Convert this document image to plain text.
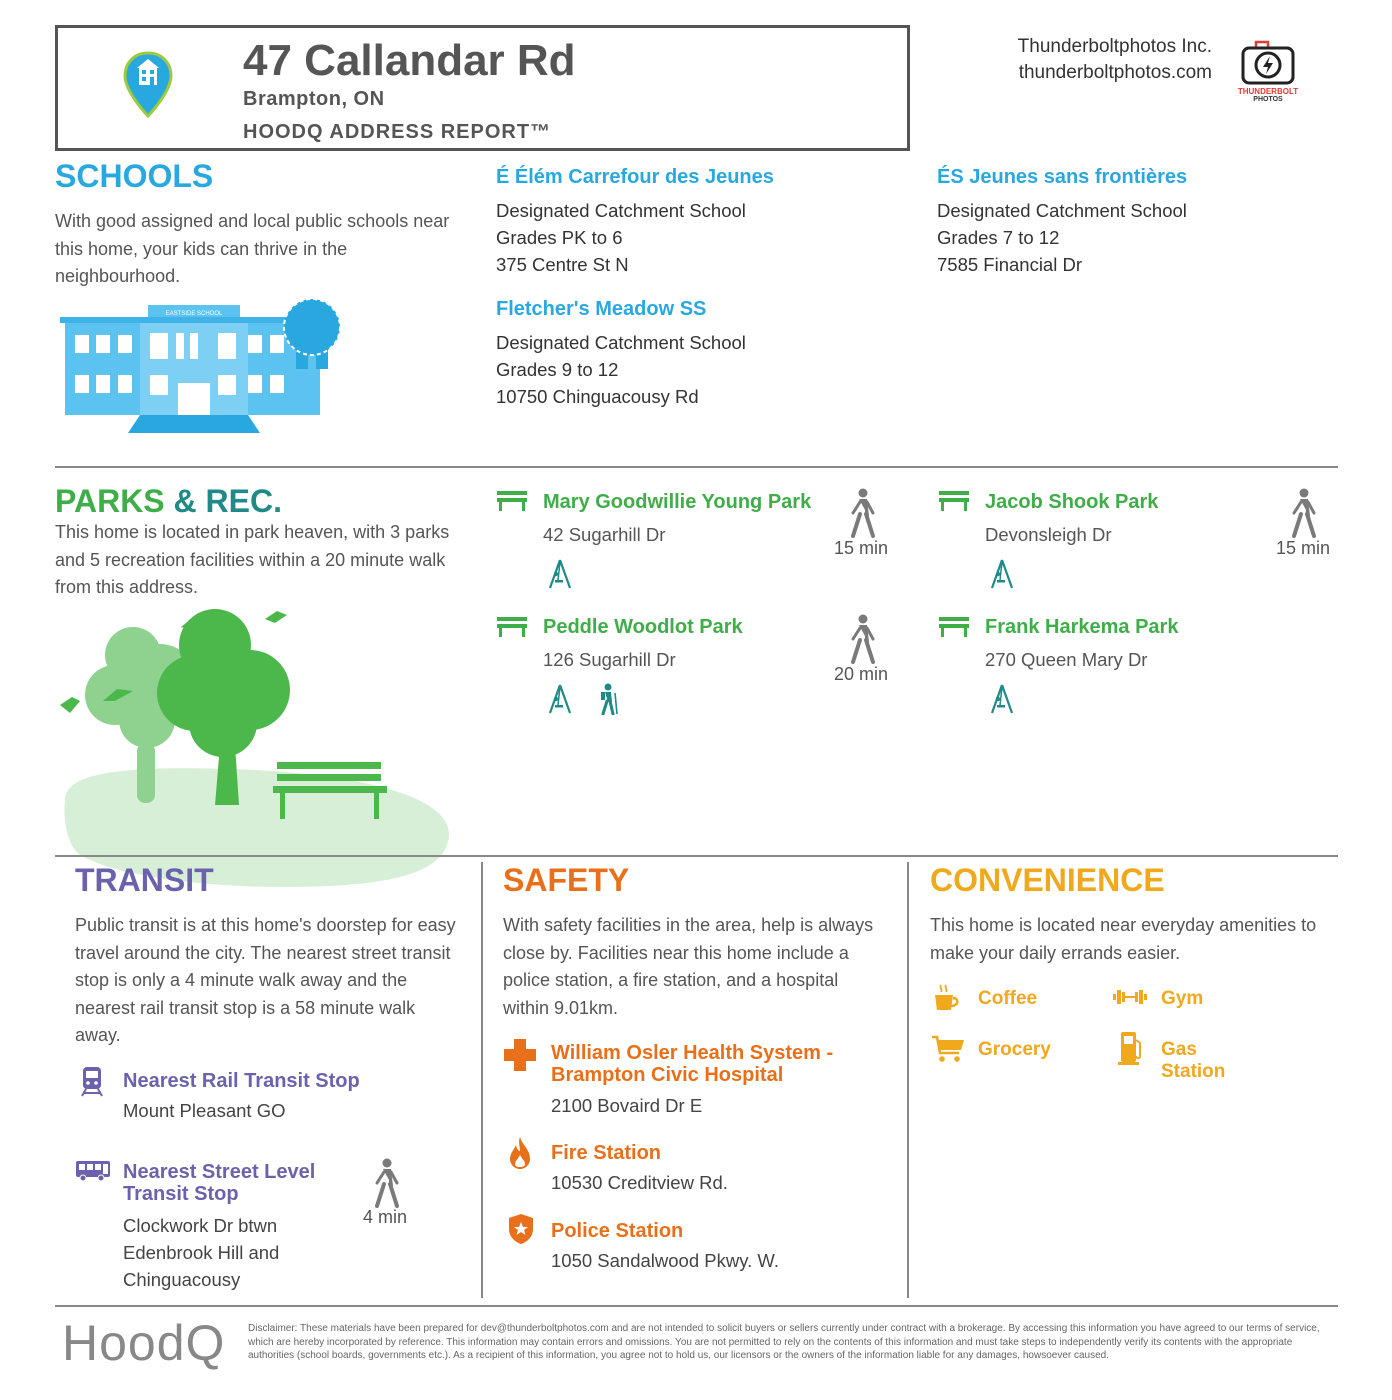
47 Callandar Rd
Brampton, ON
HOODQ ADDRESS REPORT™
Thunderboltphotos Inc.
thunderboltphotos.com
THUNDERBOLT
PHOTOS
SCHOOLS
With good assigned and local public schools near this home, your kids can thrive in the neighbourhood.
EASTSIDE SCHOOL
É Élém Carrefour des Jeunes
Designated Catchment School
Grades PK to 6
375 Centre St N
ÉS Jeunes sans frontières
Designated Catchment School
Grades 7 to 12
7585 Financial Dr
Fletcher's Meadow SS
Designated Catchment School
Grades 9 to 12
10750 Chinguacousy Rd
PARKS & REC.
This home is located in park heaven, with 3 parks and 5 recreation facilities within a 20 minute walk from this address.
Mary Goodwillie Young Park
42 Sugarhill Dr
15 min
Jacob Shook Park
Devonsleigh Dr
15 min
Peddle Woodlot Park
126 Sugarhill Dr
20 min
Frank Harkema Park
270 Queen Mary Dr
TRANSIT
Public transit is at this home's doorstep for easy travel around the city. The nearest street transit stop is only a 4 minute walk away and the nearest rail transit stop is a 58 minute walk away.
Nearest Rail Transit Stop
Mount Pleasant GO
Nearest Street Level Transit Stop
Clockwork Dr btwn Edenbrook Hill and Chinguacousy
4 min
SAFETY
With safety facilities in the area, help is always close by. Facilities near this home include a police station, a fire station, and a hospital within 9.01km.
William Osler Health System - Brampton Civic Hospital
2100 Bovaird Dr E
Fire Station
10530 Creditview Rd.
Police Station
1050 Sandalwood Pkwy. W.
CONVENIENCE
This home is located near everyday amenities to make your daily errands easier.
Coffee	Gym
Grocery	Gas Station
HoodQ Disclaimer: These materials have been prepared for dev@thunderboltphotos.com and are not intended to solicit buyers or sellers currently under contract with a brokerage. By accessing this information you have agreed to our terms of service, which are hereby incorporated by reference. This information may contain errors and omissions. You are not permitted to rely on the contents of this information and must take steps to independently verify its contents with the appropriate authorities (school boards, governments etc.). As a recipient of this information, you agree not to hold us, our licensors or the owners of the information liable for any damages, howsoever caused.
